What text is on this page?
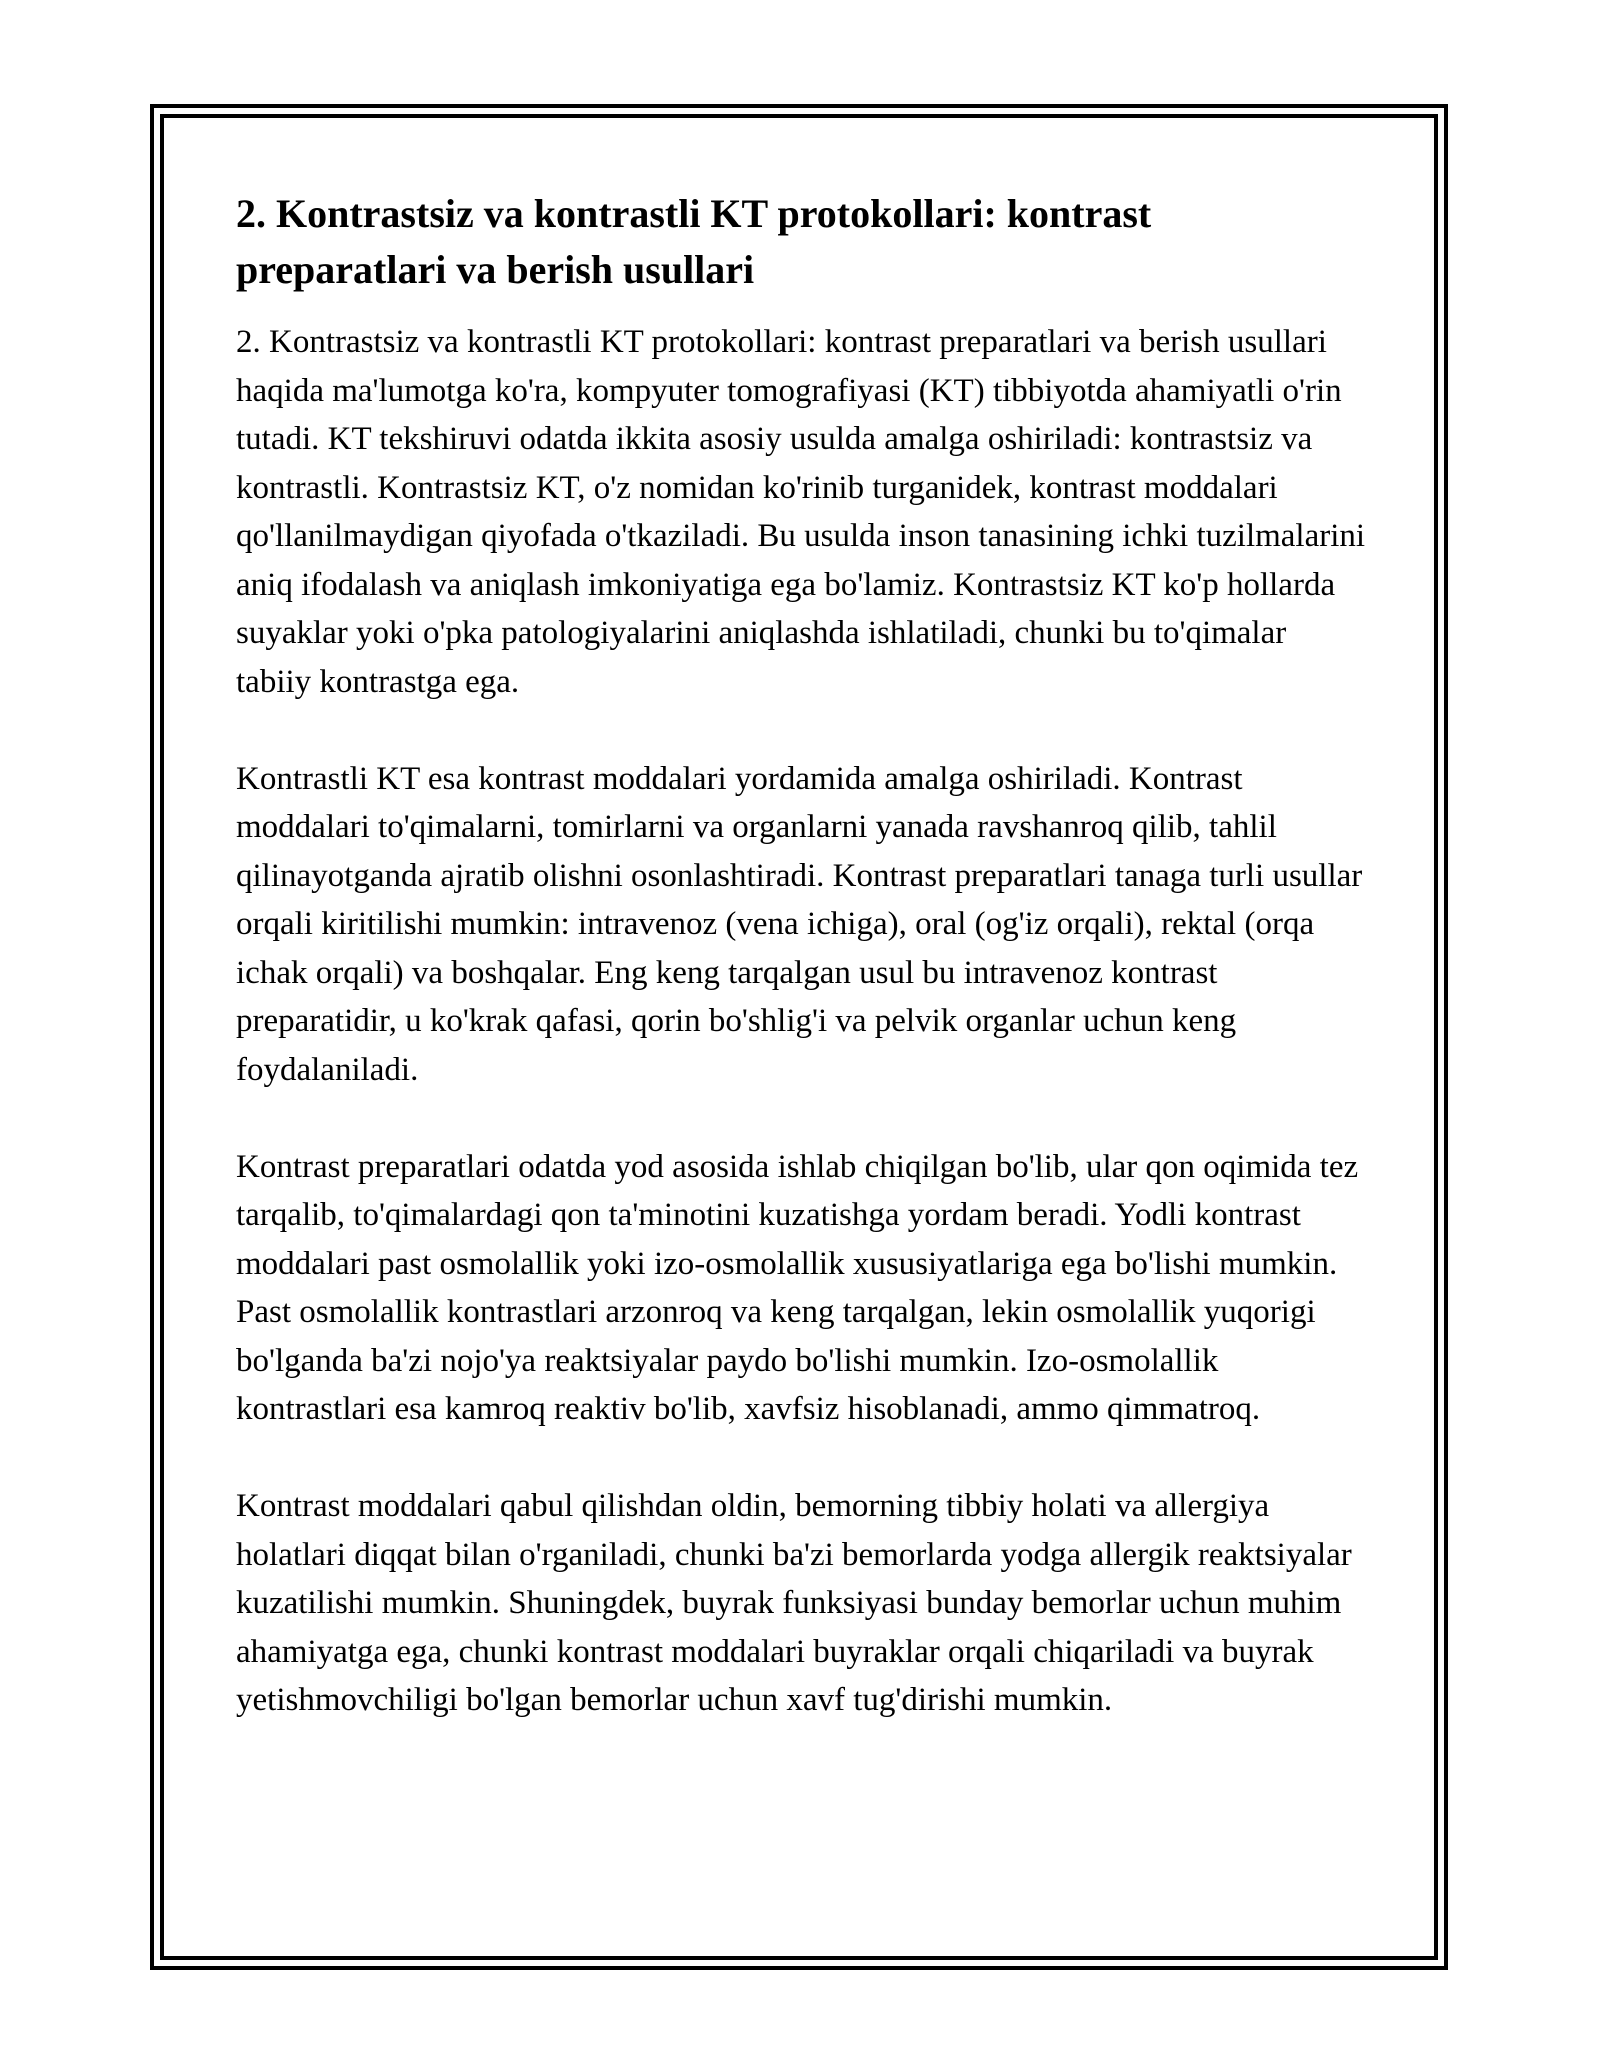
2. Kontrastsiz va kontrastli KT protokollari: kontrast preparatlari va berish usullari

2. Kontrastsiz va kontrastli KT protokollari: kontrast preparatlari va berish usullari haqida ma'lumotga ko'ra, kompyuter tomografiyasi (KT) tibbiyotda ahamiyatli o'rin tutadi. KT tekshiruvi odatda ikkita asosiy usulda amalga oshiriladi: kontrastsiz va kontrastli. Kontrastsiz KT, o'z nomidan ko'rinib turganidek, kontrast moddalari qo'llanilmaydigan qiyofada o'tkaziladi. Bu usulda inson tanasining ichki tuzilmalarini aniq ifodalash va aniqlash imkoniyatiga ega bo'lamiz. Kontrastsiz KT ko'p hollarda suyaklar yoki o'pka patologiyalarini aniqlashda ishlatiladi, chunki bu to'qimalar tabiiy kontrastga ega.

Kontrastli KT esa kontrast moddalari yordamida amalga oshiriladi. Kontrast moddalari to'qimalarni, tomirlarni va organlarni yanada ravshanroq qilib, tahlil qilinayotganda ajratib olishni osonlashtiradi. Kontrast preparatlari tanaga turli usullar orqali kiritilishi mumkin: intravenoz (vena ichiga), oral (og'iz orqali), rektal (orqa ichak orqali) va boshqalar. Eng keng tarqalgan usul bu intravenoz kontrast preparatidir, u ko'krak qafasi, qorin bo'shlig'i va pelvik organlar uchun keng foydalaniladi.

Kontrast preparatlari odatda yod asosida ishlab chiqilgan bo'lib, ular qon oqimida tez tarqalib, to'qimalardagi qon ta'minotini kuzatishga yordam beradi. Yodli kontrast moddalari past osmolallik yoki izo-osmolallik xususiyatlariga ega bo'lishi mumkin. Past osmolallik kontrastlari arzonroq va keng tarqalgan, lekin osmolallik yuqorigi bo'lganda ba'zi nojo'ya reaktsiyalar paydo bo'lishi mumkin. Izo-osmolallik kontrastlari esa kamroq reaktiv bo'lib, xavfsiz hisoblanadi, ammo qimmatroq.

Kontrast moddalari qabul qilishdan oldin, bemorning tibbiy holati va allergiya holatlari diqqat bilan o'rganiladi, chunki ba'zi bemorlarda yodga allergik reaktsiyalar kuzatilishi mumkin. Shuningdek, buyrak funksiyasi bunday bemorlar uchun muhim ahamiyatga ega, chunki kontrast moddalari buyraklar orqali chiqariladi va buyrak yetishmovchiligi bo'lgan bemorlar uchun xavf tug'dirishi mumkin.
